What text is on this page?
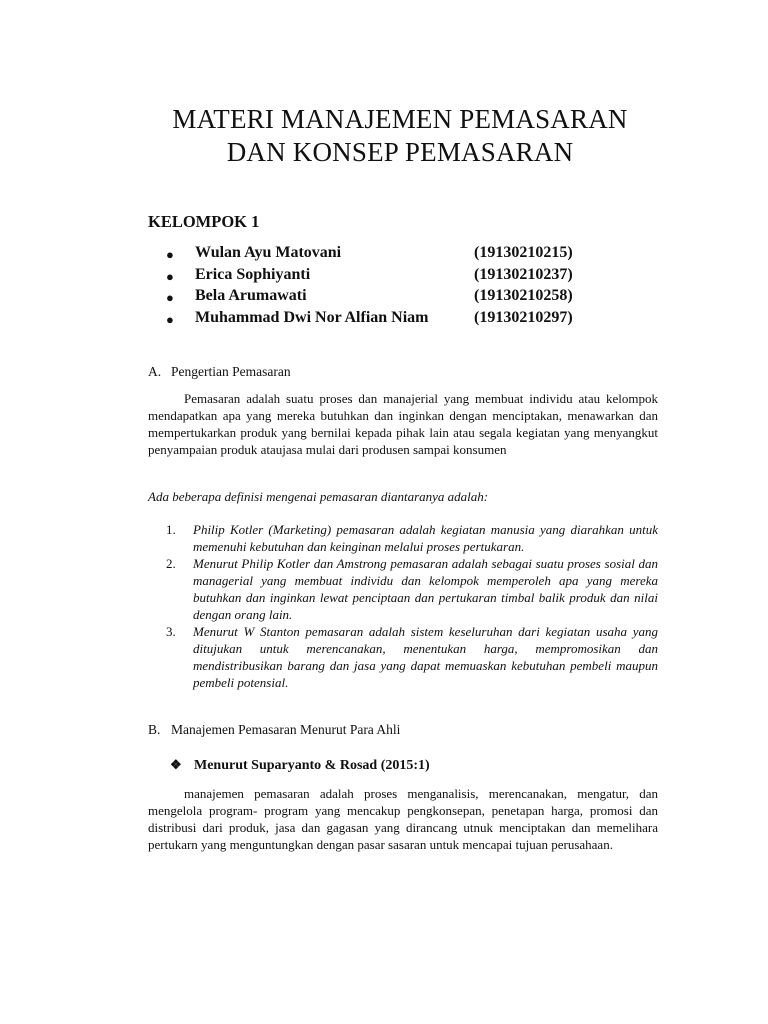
MATERI MANAJEMEN PEMASARAN
DAN KONSEP PEMASARAN
KELOMPOK 1
● Wulan Ayu Matovani	(19130210215)
● Erica Sophiyanti	(19130210237)
● Bela Arumawati	(19130210258)
● Muhammad Dwi Nor Alfian Niam	(19130210297)
A. Pengertian Pemasaran

Pemasaran adalah suatu proses dan manajerial yang membuat individu atau kelompok mendapatkan apa yang mereka butuhkan dan inginkan dengan menciptakan, menawarkan dan mempertukarkan produk yang bernilai kepada pihak lain atau segala kegiatan yang menyangkut penyampaian produk ataujasa mulai dari produsen sampai konsumen

Ada beberapa definisi mengenai pemasaran diantaranya adalah:

1. Philip Kotler (Marketing) pemasaran adalah kegiatan manusia yang diarahkan untuk memenuhi kebutuhan dan keinginan melalui proses pertukaran.
2. Menurut Philip Kotler dan Amstrong pemasaran adalah sebagai suatu proses sosial dan managerial yang membuat individu dan kelompok memperoleh apa yang mereka butuhkan dan inginkan lewat penciptaan dan pertukaran timbal balik produk dan nilai dengan orang lain.
3. Menurut W Stanton pemasaran adalah sistem keseluruhan dari kegiatan usaha yang ditujukan untuk merencanakan, menentukan harga, mempromosikan dan mendistribusikan barang dan jasa yang dapat memuaskan kebutuhan pembeli maupun pembeli potensial.
B. Manajemen Pemasaran Menurut Para Ahli
❖ Menurut Suparyanto & Rosad (2015:1)

manajemen pemasaran adalah proses menganalisis, merencanakan, mengatur, dan mengelola program- program yang mencakup pengkonsepan, penetapan harga, promosi dan distribusi dari produk, jasa dan gagasan yang dirancang utnuk menciptakan dan memelihara pertukarn yang menguntungkan dengan pasar sasaran untuk mencapai tujuan perusahaan.
